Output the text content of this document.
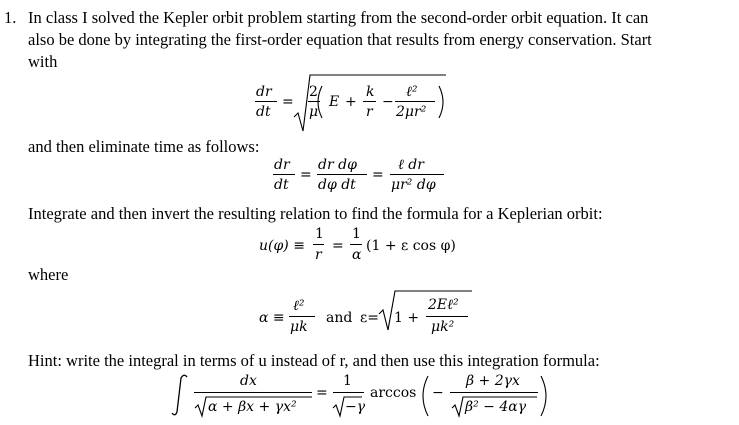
1. In class I solved the Kepler orbit problem starting from the second-order orbit equation. It can
also be done by integrating the first-order equation that results from energy conservation. Start
with
dr
dt
=
2
μ
E +
k
r
−
ℓ²
2μr²
and then eliminate time as follows:
dr
dt
=
dr dφ
dφ dt
=
ℓ dr
μr² dφ
Integrate and then invert the resulting relation to find the formula for a Keplerian orbit:
u(φ) ≡
1
r
=
1
α
(1 + ε cos φ)
where
α ≡
ℓ²
μk
and ε= 1 +
2Eℓ²
μk²
Hint: write the integral in terms of u instead of r, and then use this integration formula:
dx
α + βx + γx²
=
1
−γ
arccos −
β + 2γx
β² − 4αγ
